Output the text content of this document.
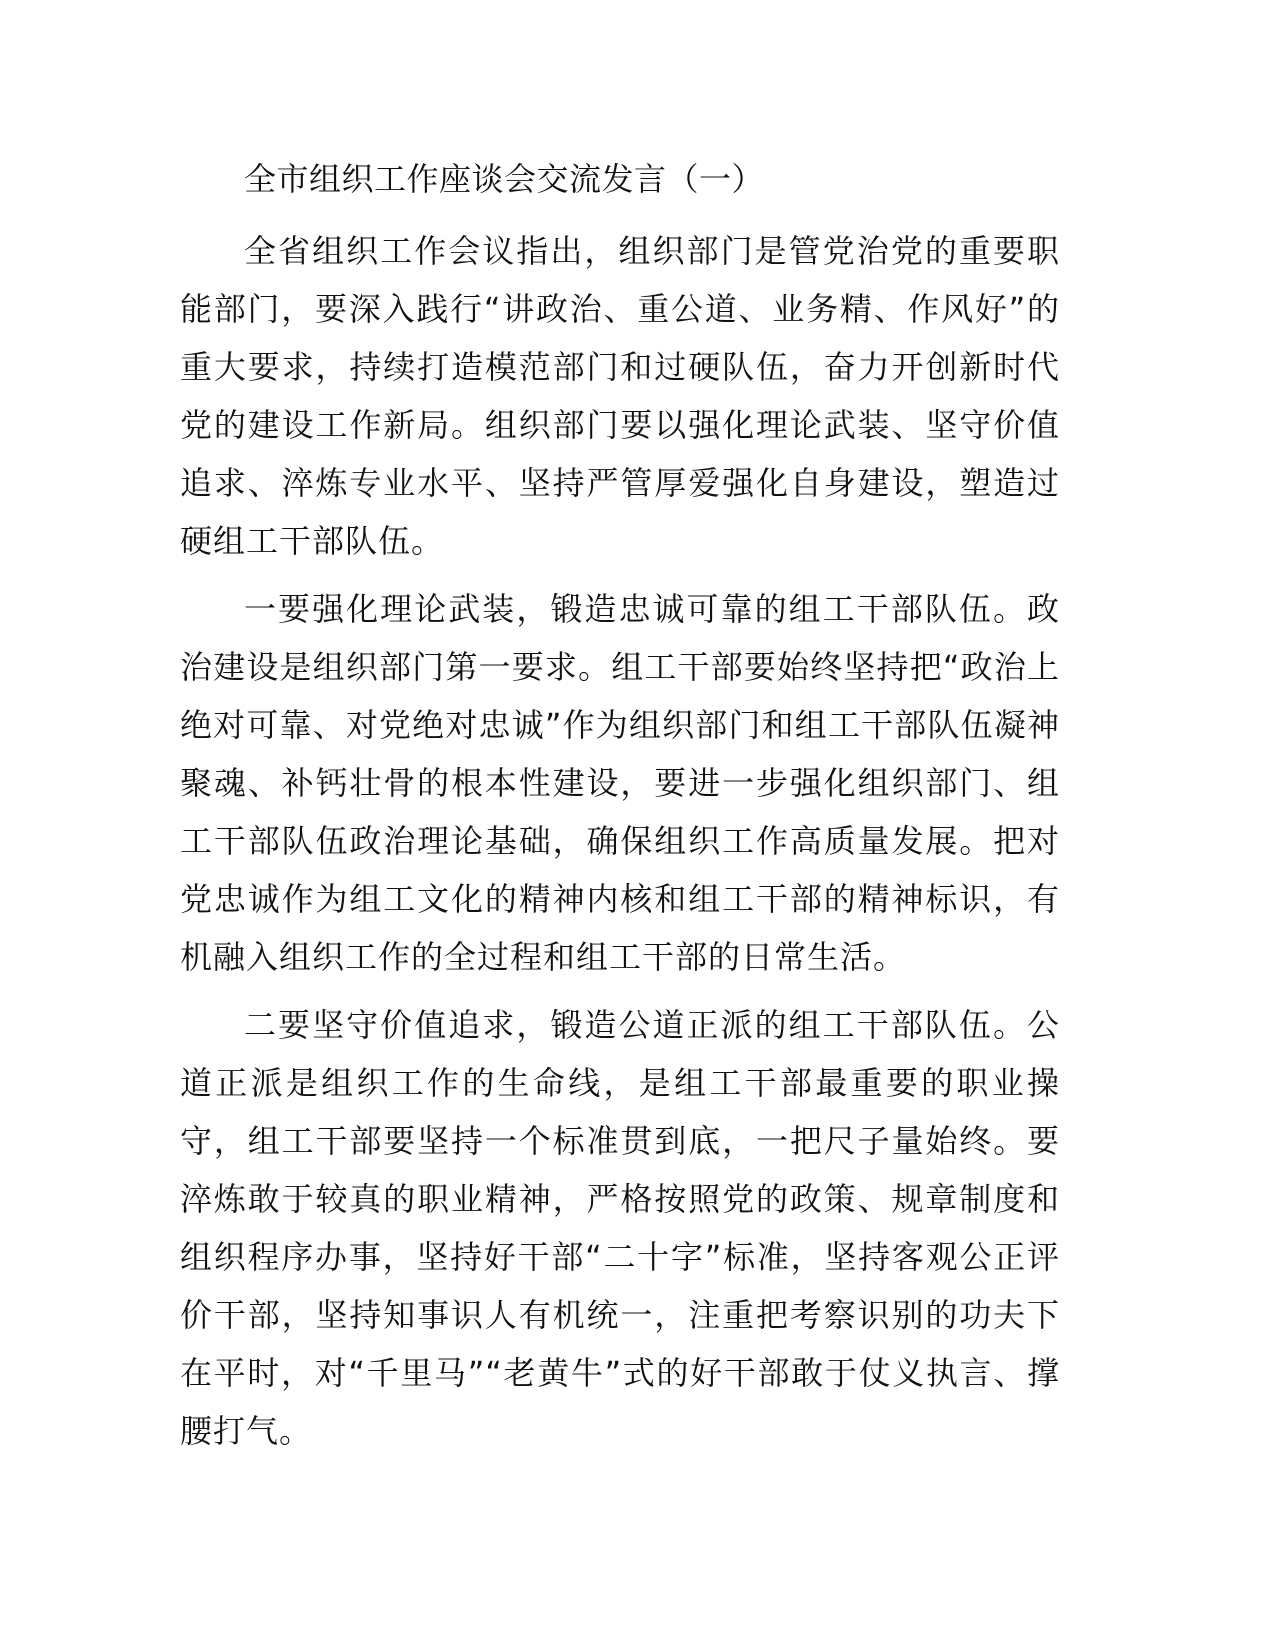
全市组织工作座谈会交流发言（一）

全省组织工作会议指出，组织部门是管党治党的重要职能部门，要深入践行“讲政治、重公道、业务精、作风好”的重大要求，持续打造模范部门和过硬队伍，奋力开创新时代党的建设工作新局。组织部门要以强化理论武装、坚守价值追求、淬炼专业水平、坚持严管厚爱强化自身建设，塑造过硬组工干部队伍。

一要强化理论武装，锻造忠诚可靠的组工干部队伍。政治建设是组织部门第一要求。组工干部要始终坚持把“政治上绝对可靠、对党绝对忠诚”作为组织部门和组工干部队伍凝神聚魂、补钙壮骨的根本性建设，要进一步强化组织部门、组工干部队伍政治理论基础，确保组织工作高质量发展。把对党忠诚作为组工文化的精神内核和组工干部的精神标识，有机融入组织工作的全过程和组工干部的日常生活。

二要坚守价值追求，锻造公道正派的组工干部队伍。公道正派是组织工作的生命线，是组工干部最重要的职业操守，组工干部要坚持一个标准贯到底，一把尺子量始终。要淬炼敢于较真的职业精神，严格按照党的政策、规章制度和组织程序办事，坚持好干部“二十字”标准，坚持客观公正评价干部，坚持知事识人有机统一，注重把考察识别的功夫下在平时，对“千里马”“老黄牛”式的好干部敢于仗义执言、撑腰打气。
